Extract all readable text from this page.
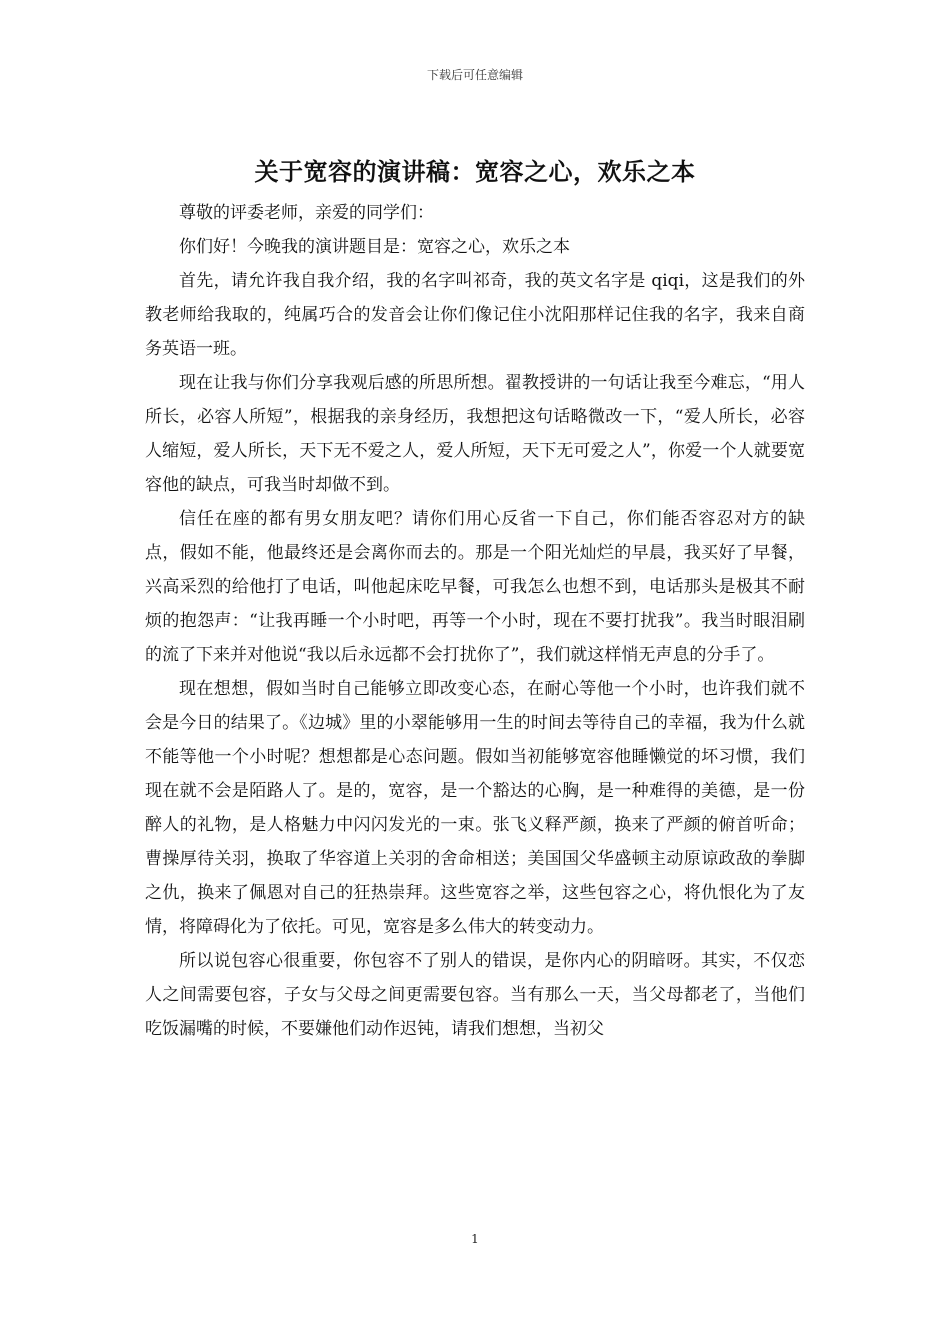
下载后可任意编辑
关于宽容的演讲稿：宽容之心，欢乐之本

尊敬的评委老师，亲爱的同学们：

你们好！今晚我的演讲题目是：宽容之心，欢乐之本

首先，请允许我自我介绍，我的名字叫祁奇，我的英文名字是 qiqi，这是我们的外教老师给我取的，纯属巧合的发音会让你们像记住小沈阳那样记住我的名字，我来自商务英语一班。

现在让我与你们分享我观后感的所思所想。翟教授讲的一句话让我至今难忘，“用人所长，必容人所短”，根据我的亲身经历，我想把这句话略微改一下，“爱人所长，必容人缩短，爱人所长，天下无不爱之人，爱人所短，天下无可爱之人”，你爱一个人就要宽容他的缺点，可我当时却做不到。

信任在座的都有男女朋友吧？请你们用心反省一下自己，你们能否容忍对方的缺点，假如不能，他最终还是会离你而去的。那是一个阳光灿烂的早晨，我买好了早餐，兴高采烈的给他打了电话，叫他起床吃早餐，可我怎么也想不到，电话那头是极其不耐烦的抱怨声：“让我再睡一个小时吧，再等一个小时，现在不要打扰我”。我当时眼泪刷的流了下来并对他说“我以后永远都不会打扰你了”，我们就这样悄无声息的分手了。

现在想想，假如当时自己能够立即改变心态，在耐心等他一个小时，也许我们就不会是今日的结果了。《边城》里的小翠能够用一生的时间去等待自己的幸福，我为什么就不能等他一个小时呢？想想都是心态问题。假如当初能够宽容他睡懒觉的坏习惯，我们现在就不会是陌路人了。是的，宽容，是一个豁达的心胸，是一种难得的美德，是一份醉人的礼物，是人格魅力中闪闪发光的一束。张飞义释严颜，换来了严颜的俯首听命；曹操厚待关羽，换取了华容道上关羽的舍命相送；美国国父华盛顿主动原谅政敌的拳脚之仇，换来了佩恩对自己的狂热崇拜。这些宽容之举，这些包容之心，将仇恨化为了友情，将障碍化为了依托。可见，宽容是多么伟大的转变动力。

所以说包容心很重要，你包容不了别人的错误，是你内心的阴暗呀。其实，不仅恋人之间需要包容，子女与父母之间更需要包容。当有那么一天，当父母都老了，当他们吃饭漏嘴的时候，不要嫌他们动作迟钝，请我们想想，当初父

1
